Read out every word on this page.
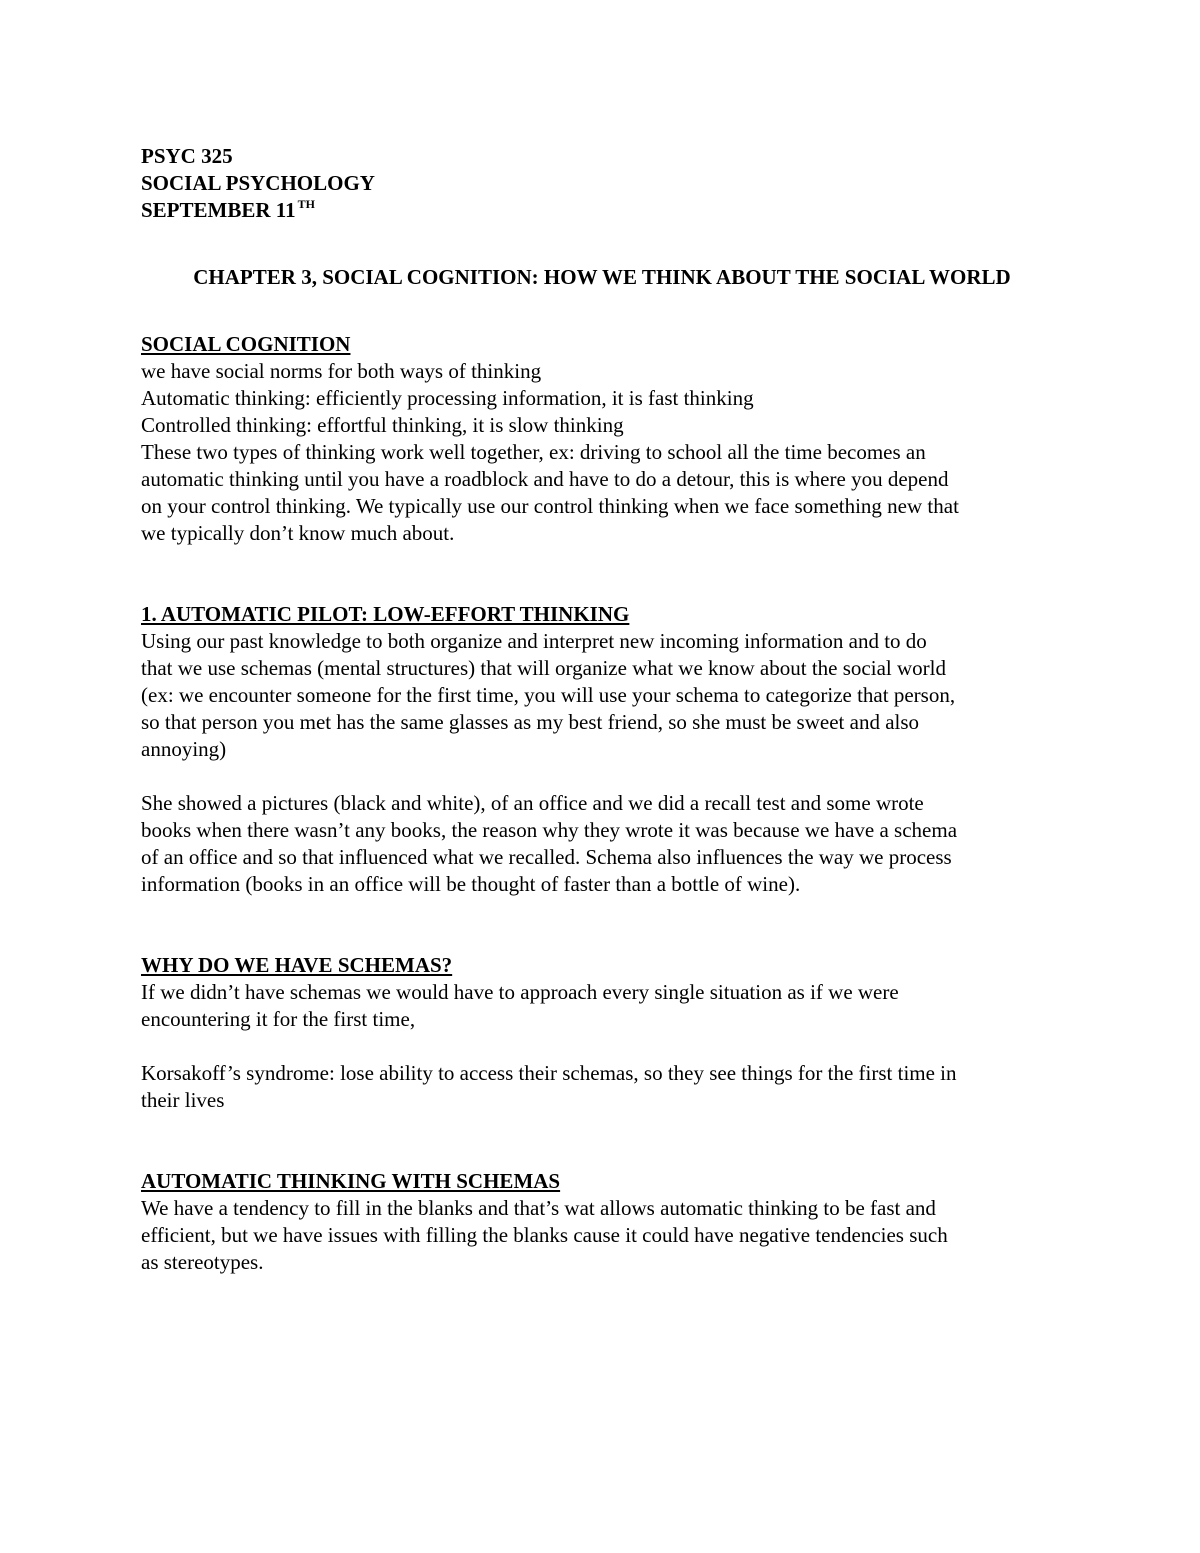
PSYC 325
SOCIAL PSYCHOLOGY
SEPTEMBER 11 $^{TH}$
CHAPTER 3, SOCIAL COGNITION: HOW WE THINK ABOUT THE SOCIAL WORLD
SOCIAL COGNITION
we have social norms for both ways of thinking
Automatic thinking: efficiently processing information, it is fast thinking
Controlled thinking: effortful thinking, it is slow thinking
These two types of thinking work well together, ex: driving to school all the time becomes an
automatic thinking until you have a roadblock and have to do a detour, this is where you depend
on your control thinking. We typically use our control thinking when we face something new that
we typically don’t know much about.
1. AUTOMATIC PILOT: LOW-EFFORT THINKING
Using our past knowledge to both organize and interpret new incoming information and to do
that we use schemas (mental structures) that will organize what we know about the social world
(ex: we encounter someone for the first time, you will use your schema to categorize that person,
so that person you met has the same glasses as my best friend, so she must be sweet and also
annoying)
She showed a pictures (black and white), of an office and we did a recall test and some wrote
books when there wasn’t any books, the reason why they wrote it was because we have a schema
of an office and so that influenced what we recalled. Schema also influences the way we process
information (books in an office will be thought of faster than a bottle of wine).
WHY DO WE HAVE SCHEMAS?
If we didn’t have schemas we would have to approach every single situation as if we were
encountering it for the first time,
Korsakoff’s syndrome: lose ability to access their schemas, so they see things for the first time in
their lives
AUTOMATIC THINKING WITH SCHEMAS
We have a tendency to fill in the blanks and that’s wat allows automatic thinking to be fast and
efficient, but we have issues with filling the blanks cause it could have negative tendencies such
as stereotypes.
